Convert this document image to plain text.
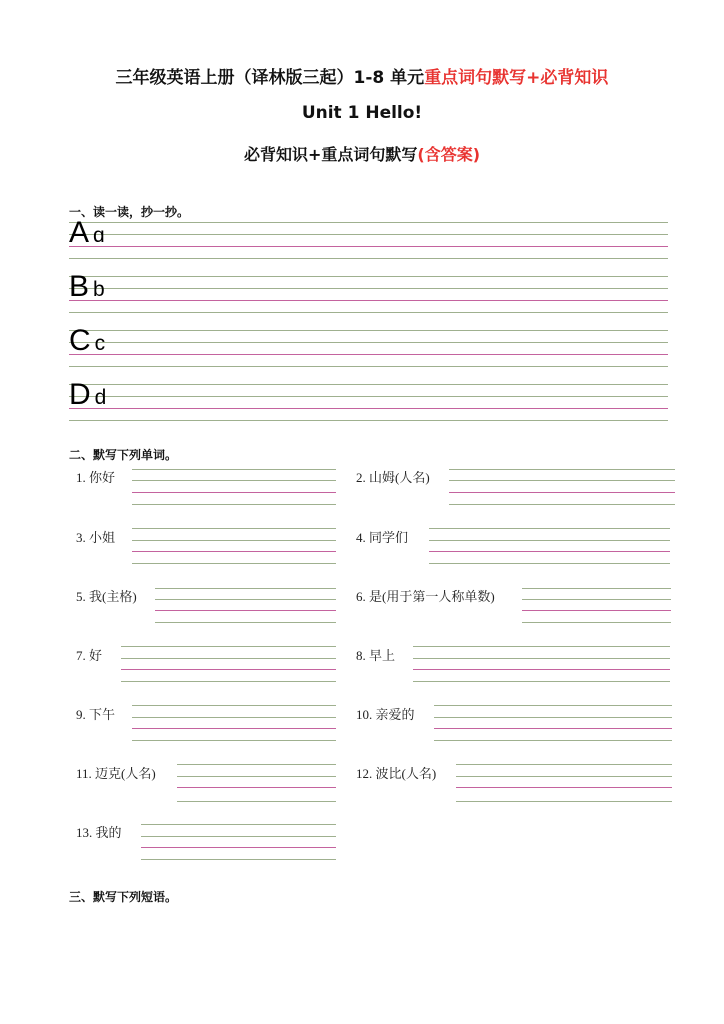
三年级英语上册（译林版三起）1-8 单元重点词句默写+必背知识
Unit 1 Hello!
必背知识+重点词句默写(含答案)
一、读一读，抄一抄。
A ɑ
B b
C c
D d
二、默写下列单词。
1. 你好	2. 山姆(人名)
3. 小姐	4. 同学们
5. 我(主格)	6. 是(用于第一人称单数)
7. 好	8. 早上
9. 下午	10. 亲爱的
11. 迈克(人名)	12. 波比(人名)
13. 我的
三、默写下列短语。
